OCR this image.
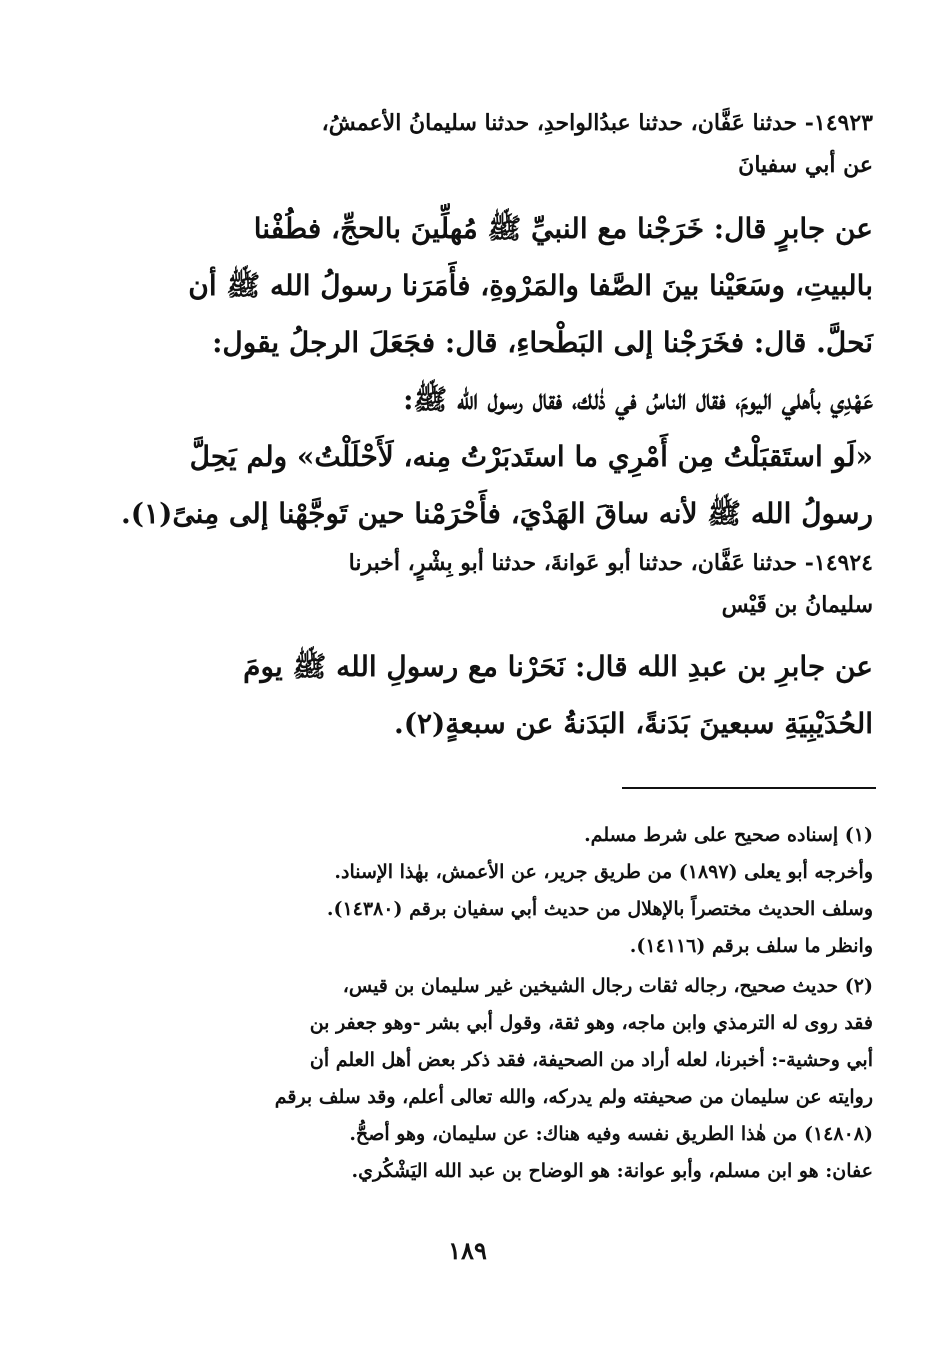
١٤٩٢٣- حدثنا عَفَّان، حدثنا عبدُالواحدِ، حدثنا سليمانُ الأعمشُ،
عن أبي سفيانَ
عن جابرٍ قال: خَرَجْنا مع النبيِّ ﷺ مُهلِّينَ بالحجِّ، فطُفْنا
بالبيتِ، وسَعَيْنا بينَ الصَّفا والمَرْوةِ، فأَمَرَنا رسولُ الله ﷺ أن
نَحلَّ. قال: فخَرَجْنا إلى البَطْحاءِ، قال: فجَعَلَ الرجلُ يقول:
عَهْدِي بأهلي اليومَ، فقال الناسُ في ذٰلك، فقال رسول الله ﷺ:
«لَو استَقبَلْتُ مِن أَمْرِي ما استَدبَرْتُ مِنه، لَأَحْلَلْتُ» ولم يَحِلَّ
رسولُ الله ﷺ لأنه ساقَ الهَدْيَ، فأَحْرَمْنا حين تَوجَّهْنا إلى مِنىً(١).
١٤٩٢٤- حدثنا عَفَّان، حدثنا أبو عَوانةَ، حدثنا أبو بِشْرٍ، أخبرنا
سليمانُ بن قَيْس
عن جابرِ بن عبدِ الله قال: نَحَرْنا مع رسولِ الله ﷺ يومَ
الحُدَيْبِيَةِ سبعينَ بَدَنةً، البَدَنةُ عن سبعةٍ(٢).
(١) إسناده صحيح على شرط مسلم.
وأخرجه أبو يعلى (١٨٩٧) من طريق جرير، عن الأعمش، بهٰذا الإسناد.
وسلف الحديث مختصراً بالإهلال من حديث أبي سفيان برقم (١٤٣٨٠).
وانظر ما سلف برقم (١٤١١٦).
(٢) حديث صحيح، رجاله ثقات رجال الشيخين غير سليمان بن قيس،
فقد روى له الترمذي وابن ماجه، وهو ثقة، وقول أبي بشر -وهو جعفر بن
أبي وحشية-: أخبرنا، لعله أراد من الصحيفة، فقد ذكر بعض أهل العلم أن
روايته عن سليمان من صحيفته ولم يدركه، والله تعالى أعلم، وقد سلف برقم
(١٤٨٠٨) من هٰذا الطريق نفسه وفيه هناك: عن سليمان، وهو أصحُّ.
عفان: هو ابن مسلم، وأبو عوانة: هو الوضاح بن عبد الله اليَشْكُري.
١٨٩
